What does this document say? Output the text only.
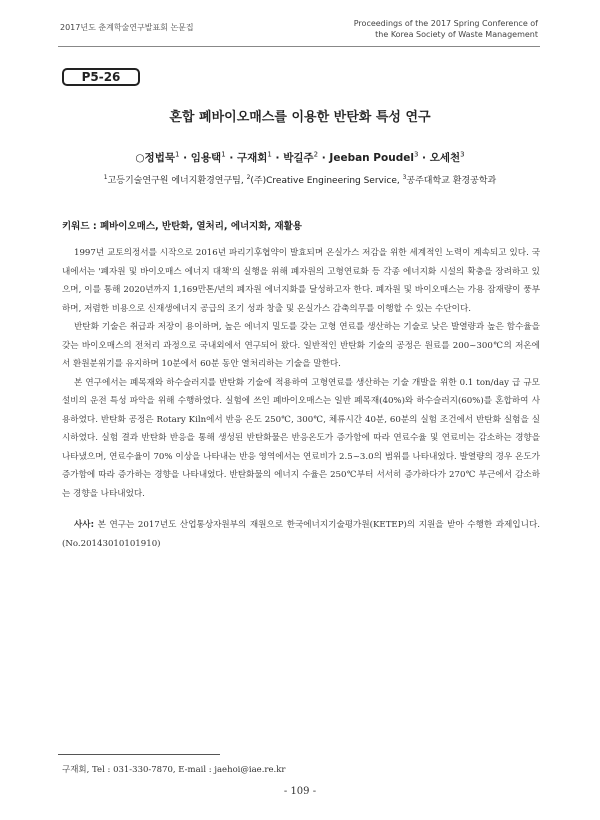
2017년도 춘계학술연구발표회 논문집	Proceedings of the 2017 Spring Conference of
the Korea Society of Waste Management
P5-26
혼합 폐바이오매스를 이용한 반탄화 특성 연구
○정법묵$^1$ · 임용택$^1$ · 구재회$^1$ · 박길주$^2$ · Jeeban Poudel$^3$ · 오세천$^3$
$^1$고등기술연구원 에너지환경연구팀, $^2$(주)Creative Engineering Service, $^3$공주대학교 환경공학과
키워드 : 폐바이오매스, 반탄화, 열처리, 에너지화, 재활용

1997년 교토의정서를 시작으로 2016년 파리기후협약이 발효되며 온실가스 저감을 위한 세계적인 노력이 계속되고 있다. 국내에서는 '폐자원 및 바이오매스 에너지 대책'의 실행을 위해 폐자원의 고형연료화 등 각종 에너지화 시설의 확충을 장려하고 있으며, 이를 통해 2020년까지 1,169만톤/년의 폐자원 에너지화를 달성하고자 한다. 폐자원 및 바이오매스는 가용 잠재량이 풍부하며, 저렴한 비용으로 신재생에너지 공급의 조기 성과 창출 및 온실가스 감축의무를 이행할 수 있는 수단이다.

반탄화 기술은 취급과 저장이 용이하며, 높은 에너지 밀도를 갖는 고형 연료를 생산하는 기술로 낮은 발열량과 높은 함수율을 갖는 바이오매스의 전처리 과정으로 국내외에서 연구되어 왔다. 일반적인 반탄화 기술의 공정은 원료를 200~300℃의 저온에서 환원분위기를 유지하며 10분에서 60분 동안 열처리하는 기술을 말한다.

본 연구에서는 폐목재와 하수슬러지를 반탄화 기술에 적용하여 고형연료를 생산하는 기술 개발을 위한 0.1 ton/day 급 규모 설비의 운전 특성 파악을 위해 수행하였다. 실험에 쓰인 폐바이오매스는 일반 폐목재(40%)와 하수슬러지(60%)를 혼합하여 사용하였다. 반탄화 공정은 Rotary Kiln에서 반응 온도 250℃, 300℃, 체류시간 40분, 60분의 실험 조건에서 반탄화 실험을 실시하였다. 실험 결과 반탄화 반응을 통해 생성된 반탄화물은 반응온도가 증가함에 따라 연료수율 및 연료비는 감소하는 경향을 나타냈으며, 연료수율이 70% 이상을 나타내는 반응 영역에서는 연료비가 2.5~3.0의 범위를 나타내었다. 발열량의 경우 온도가 증가함에 따라 증가하는 경향을 나타내었다. 반탄화물의 에너지 수율은 250℃부터 서서히 증가하다가 270℃ 부근에서 감소하는 경향을 나타내었다.

사사: 본 연구는 2017년도 산업통상자원부의 재원으로 한국에너지기술평가원(KETEP)의 지원을 받아 수행한 과제입니다.(No.20143010101910)
구재회, Tel : 031-330-7870, E-mail : jaehoi@iae.re.kr
- 109 -
